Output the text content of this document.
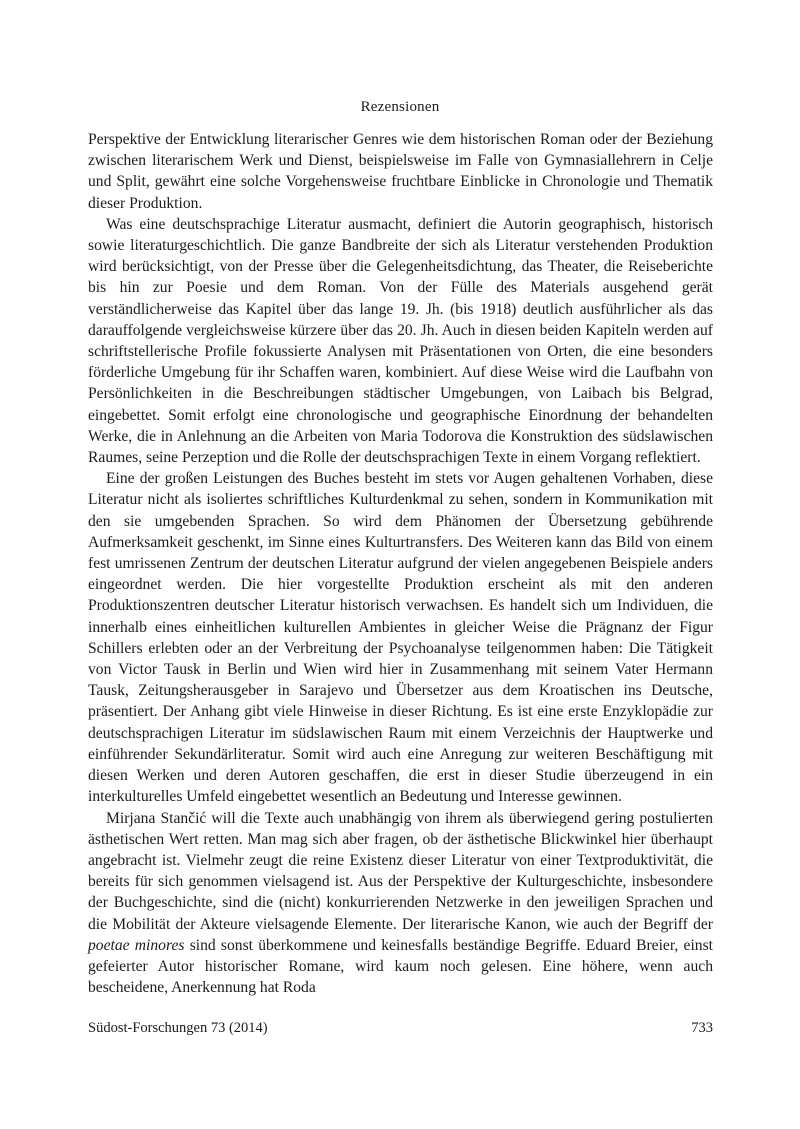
Rezensionen

Perspektive der Entwicklung literarischer Genres wie dem historischen Roman oder der Beziehung zwischen literarischem Werk und Dienst, beispielsweise im Falle von Gymnasiallehrern in Celje und Split, gewährt eine solche Vorgehensweise fruchtbare Einblicke in Chronologie und Thematik dieser Produktion.

Was eine deutschsprachige Literatur ausmacht, definiert die Autorin geographisch, historisch sowie literaturgeschichtlich. Die ganze Bandbreite der sich als Literatur verstehenden Produktion wird berücksichtigt, von der Presse über die Gelegenheitsdichtung, das Theater, die Reiseberichte bis hin zur Poesie und dem Roman. Von der Fülle des Materials ausgehend gerät verständlicherweise das Kapitel über das lange 19. Jh. (bis 1918) deutlich ausführlicher als das darauffolgende vergleichsweise kürzere über das 20. Jh. Auch in diesen beiden Kapiteln werden auf schriftstellerische Profile fokussierte Analysen mit Präsentationen von Orten, die eine besonders förderliche Umgebung für ihr Schaffen waren, kombiniert. Auf diese Weise wird die Laufbahn von Persönlichkeiten in die Beschreibungen städtischer Umgebungen, von Laibach bis Belgrad, eingebettet. Somit erfolgt eine chronologische und geographische Einordnung der behandelten Werke, die in Anlehnung an die Arbeiten von Maria Todorova die Konstruktion des südslawischen Raumes, seine Perzeption und die Rolle der deutschsprachigen Texte in einem Vorgang reflektiert.

Eine der großen Leistungen des Buches besteht im stets vor Augen gehaltenen Vorhaben, diese Literatur nicht als isoliertes schriftliches Kulturdenkmal zu sehen, sondern in Kommunikation mit den sie umgebenden Sprachen. So wird dem Phänomen der Übersetzung gebührende Aufmerksamkeit geschenkt, im Sinne eines Kulturtransfers. Des Weiteren kann das Bild von einem fest umrissenen Zentrum der deutschen Literatur aufgrund der vielen angegebenen Beispiele anders eingeordnet werden. Die hier vorgestellte Produktion erscheint als mit den anderen Produktionszentren deutscher Literatur historisch verwachsen. Es handelt sich um Individuen, die innerhalb eines einheitlichen kulturellen Ambientes in gleicher Weise die Prägnanz der Figur Schillers erlebten oder an der Verbreitung der Psychoanalyse teilgenommen haben: Die Tätigkeit von Victor Tausk in Berlin und Wien wird hier in Zusammenhang mit seinem Vater Hermann Tausk, Zeitungsherausgeber in Sarajevo und Übersetzer aus dem Kroatischen ins Deutsche, präsentiert. Der Anhang gibt viele Hinweise in dieser Richtung. Es ist eine erste Enzyklopädie zur deutschsprachigen Literatur im südslawischen Raum mit einem Verzeichnis der Hauptwerke und einführender Sekundärliteratur. Somit wird auch eine Anregung zur weiteren Beschäftigung mit diesen Werken und deren Autoren geschaffen, die erst in dieser Studie überzeugend in ein interkulturelles Umfeld eingebettet wesentlich an Bedeutung und Interesse gewinnen.

Mirjana Stančić will die Texte auch unabhängig von ihrem als überwiegend gering postulierten ästhetischen Wert retten. Man mag sich aber fragen, ob der ästhetische Blickwinkel hier überhaupt angebracht ist. Vielmehr zeugt die reine Existenz dieser Literatur von einer Textproduktivität, die bereits für sich genommen vielsagend ist. Aus der Perspektive der Kulturgeschichte, insbesondere der Buchgeschichte, sind die (nicht) konkurrierenden Netzwerke in den jeweiligen Sprachen und die Mobilität der Akteure vielsagende Elemente. Der literarische Kanon, wie auch der Begriff der poetae minores sind sonst überkommene und keinesfalls beständige Begriffe. Eduard Breier, einst gefeierter Autor historischer Romane, wird kaum noch gelesen. Eine höhere, wenn auch bescheidene, Anerkennung hat Roda

Südost-Forschungen 73 (2014)	733
